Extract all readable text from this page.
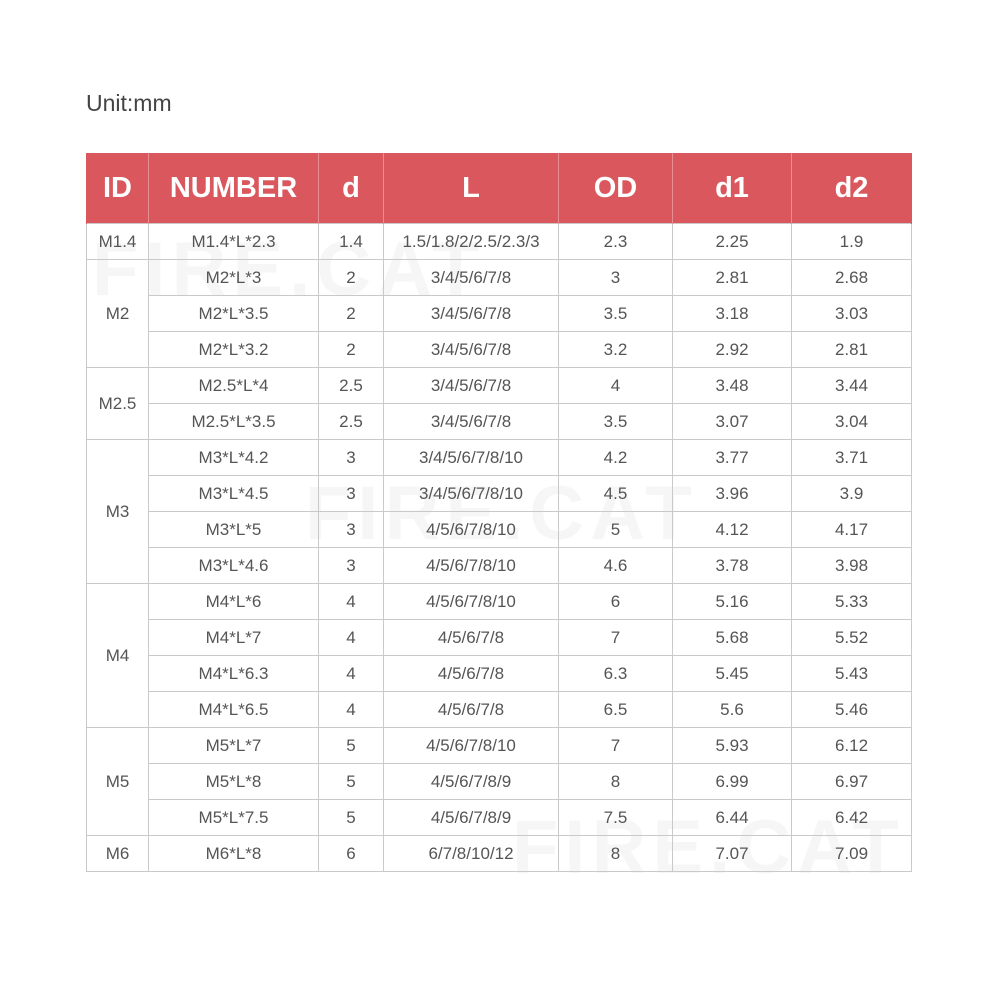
Unit:mm
ID	NUMBER	d	L	OD	d1	d2
M1.4	M1.4*L*2.3	1.4	1.5/1.8/2/2.5/2.3/3	2.3	2.25	1.9
M2	M2*L*3	2	3/4/5/6/7/8	3	2.81	2.68
	M2*L*3.5	2	3/4/5/6/7/8	3.5	3.18	3.03
	M2*L*3.2	2	3/4/5/6/7/8	3.2	2.92	2.81
M2.5	M2.5*L*4	2.5	3/4/5/6/7/8	4	3.48	3.44
	M2.5*L*3.5	2.5	3/4/5/6/7/8	3.5	3.07	3.04
M3	M3*L*4.2	3	3/4/5/6/7/8/10	4.2	3.77	3.71
	M3*L*4.5	3	3/4/5/6/7/8/10	4.5	3.96	3.9
	M3*L*5	3	4/5/6/7/8/10	5	4.12	4.17
	M3*L*4.6	3	4/5/6/7/8/10	4.6	3.78	3.98
M4	M4*L*6	4	4/5/6/7/8/10	6	5.16	5.33
	M4*L*7	4	4/5/6/7/8	7	5.68	5.52
	M4*L*6.3	4	4/5/6/7/8	6.3	5.45	5.43
	M4*L*6.5	4	4/5/6/7/8	6.5	5.6	5.46
M5	M5*L*7	5	4/5/6/7/8/10	7	5.93	6.12
	M5*L*8	5	4/5/6/7/8/9	8	6.99	6.97
	M5*L*7.5	5	4/5/6/7/8/9	7.5	6.44	6.42
M6	M6*L*8	6	6/7/8/10/12	8	7.07	7.09
